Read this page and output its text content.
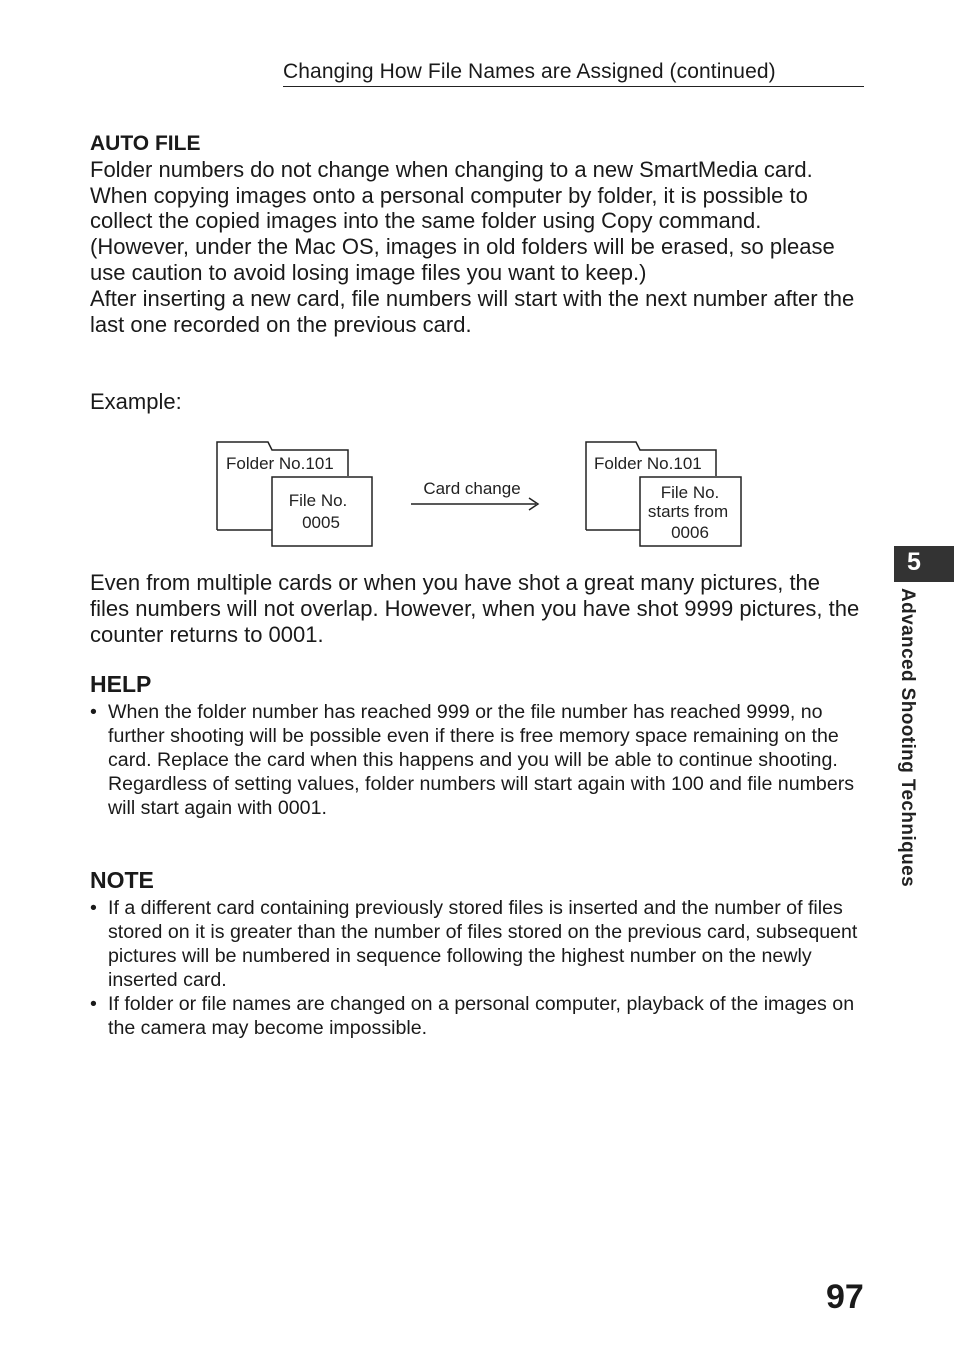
Changing How File Names are Assigned (continued)

AUTO FILE

Folder numbers do not change when changing to a new SmartMedia card. When copying images onto a personal computer by folder, it is possible to collect the copied images into the same folder using Copy command.

(However, under the Mac OS, images in old folders will be erased, so please use caution to avoid losing image files you want to keep.)

After inserting a new card, file numbers will start with the next number after the last one recorded on the previous card.

Example:
Folder No.101
File No.
0005
Card change
Folder No.101
File No.
starts from
0006
Even from multiple cards or when you have shot a great many pictures, the files numbers will not overlap. However, when you have shot 9999 pictures, the counter returns to 0001.
HELP
• When the folder number has reached 999 or the file number has reached 9999, no further shooting will be possible even if there is free memory space remaining on the card. Replace the card when this happens and you will be able to continue shooting. Regardless of setting values, folder numbers will start again with 100 and file numbers will start again with 0001.
NOTE
• If a different card containing previously stored files is inserted and the number of files stored on it is greater than the number of files stored on the previous card, subsequent pictures will be numbered in sequence following the highest number on the newly inserted card.
• If folder or file names are changed on a personal computer, playback of the images on the camera may become impossible.
5
Advanced Shooting Techniques
97
